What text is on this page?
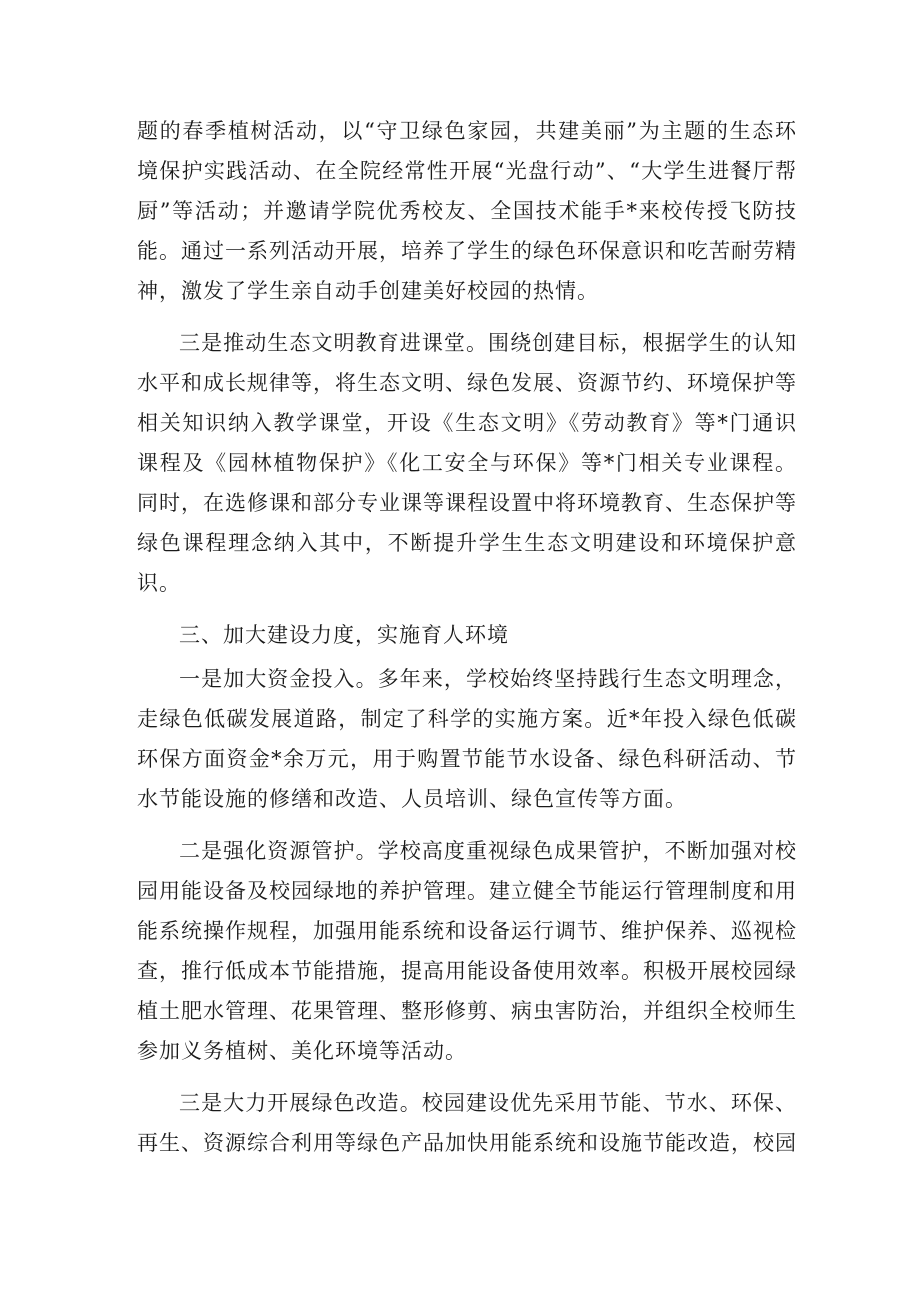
题的春季植树活动，以“守卫绿色家园，共建美丽”为主题的生态环境保护实践活动、在全院经常性开展“光盘行动”、“大学生进餐厅帮厨”等活动；并邀请学院优秀校友、全国技术能手*来校传授飞防技能。通过一系列活动开展，培养了学生的绿色环保意识和吃苦耐劳精神，激发了学生亲自动手创建美好校园的热情。

三是推动生态文明教育进课堂。围绕创建目标，根据学生的认知水平和成长规律等，将生态文明、绿色发展、资源节约、环境保护等相关知识纳入教学课堂，开设《生态文明》《劳动教育》等*门通识课程及《园林植物保护》《化工安全与环保》等*门相关专业课程。同时，在选修课和部分专业课等课程设置中将环境教育、生态保护等绿色课程理念纳入其中，不断提升学生生态文明建设和环境保护意识。

三、加大建设力度，实施育人环境

一是加大资金投入。多年来，学校始终坚持践行生态文明理念，走绿色低碳发展道路，制定了科学的实施方案。近*年投入绿色低碳环保方面资金*余万元，用于购置节能节水设备、绿色科研活动、节水节能设施的修缮和改造、人员培训、绿色宣传等方面。

二是强化资源管护。学校高度重视绿色成果管护，不断加强对校园用能设备及校园绿地的养护管理。建立健全节能运行管理制度和用能系统操作规程，加强用能系统和设备运行调节、维护保养、巡视检查，推行低成本节能措施，提高用能设备使用效率。积极开展校园绿植土肥水管理、花果管理、整形修剪、病虫害防治，并组织全校师生参加义务植树、美化环境等活动。

三是大力开展绿色改造。校园建设优先采用节能、节水、环保、再生、资源综合利用等绿色产品加快用能系统和设施节能改造，校园
